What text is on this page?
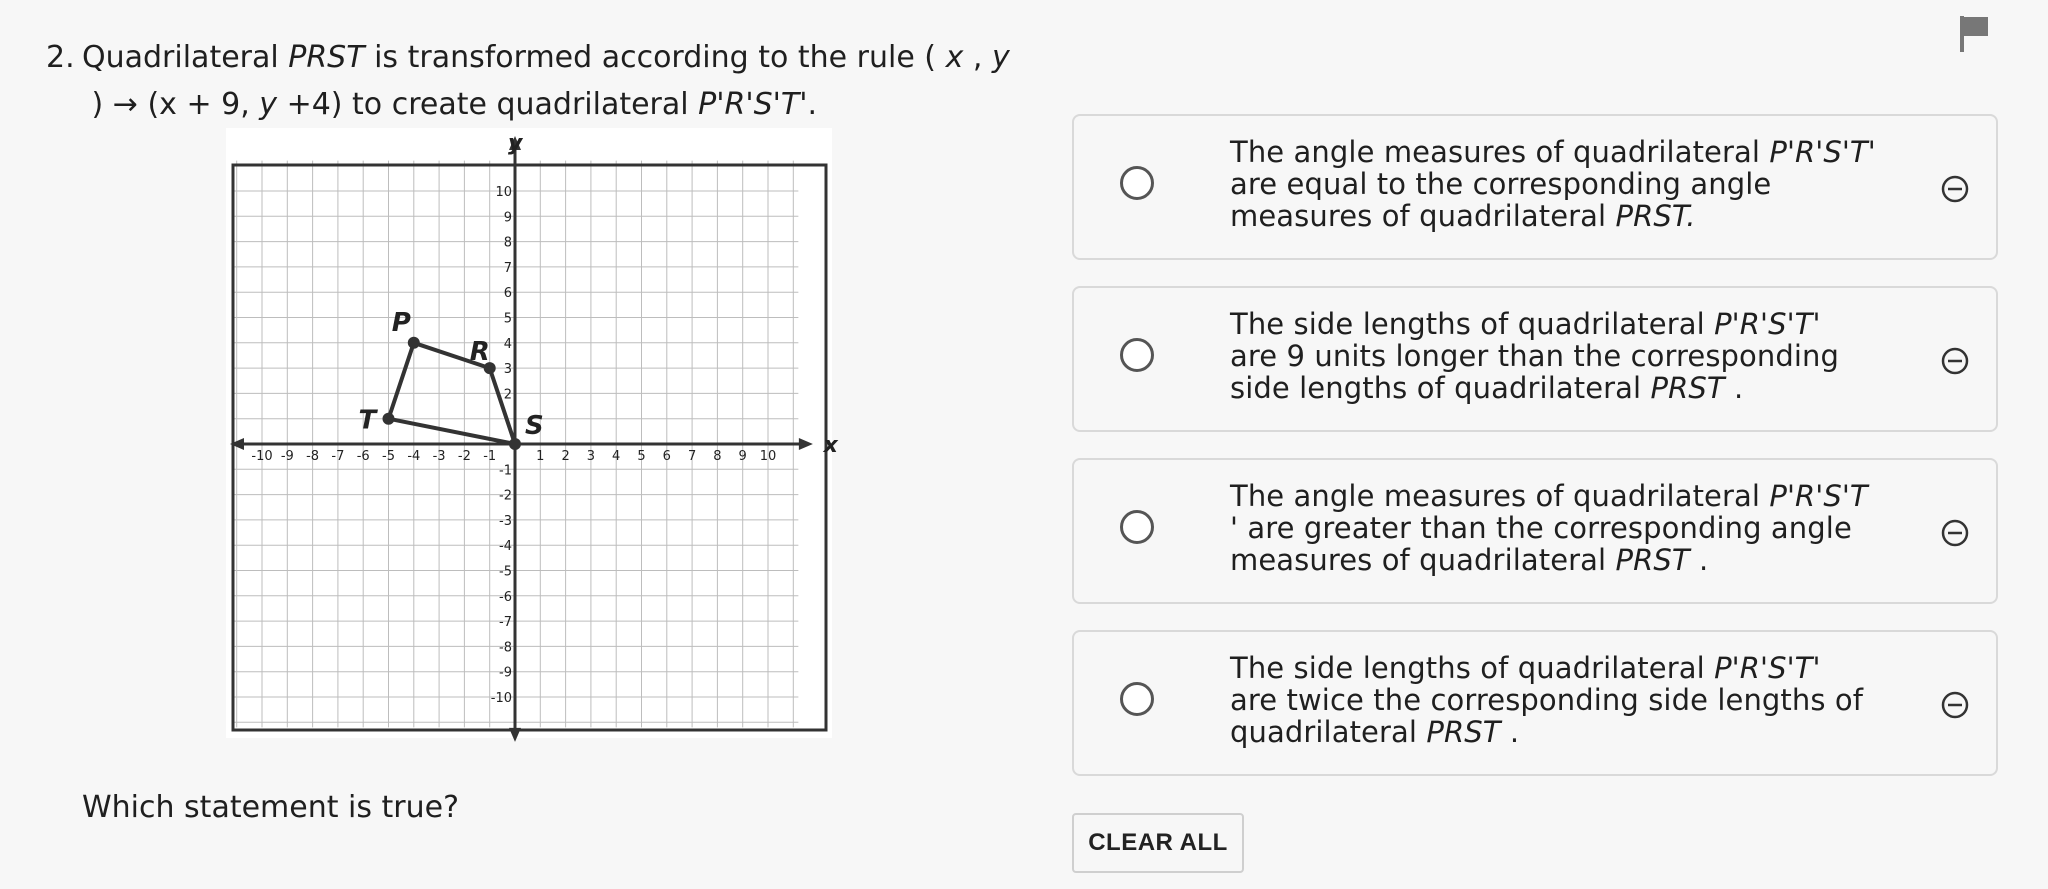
2. Quadrilateral PRST is transformed according to the rule ( x , y
) → (x + 9, y +4) to create quadrilateral P'R'S'T'.
x
y
-10 -9 -8 -7 -6 -5 -4 -3 -2 -1	1 2 3 4 5 6 7 8 9 10
10
9
8
7
6
5
4
3
2
-1
-2
-3
-4
-5
-6
-7
-8
-9
-10
P
R
S
T
Which statement is true?
The angle measures of quadrilateral P'R'S'T'
are equal to the corresponding angle
measures of quadrilateral PRST.
The side lengths of quadrilateral P'R'S'T'
are 9 units longer than the corresponding
side lengths of quadrilateral PRST .
The angle measures of quadrilateral P'R'S'T
' are greater than the corresponding angle
measures of quadrilateral PRST .
The side lengths of quadrilateral P'R'S'T'
are twice the corresponding side lengths of
quadrilateral PRST .
CLEAR ALL
